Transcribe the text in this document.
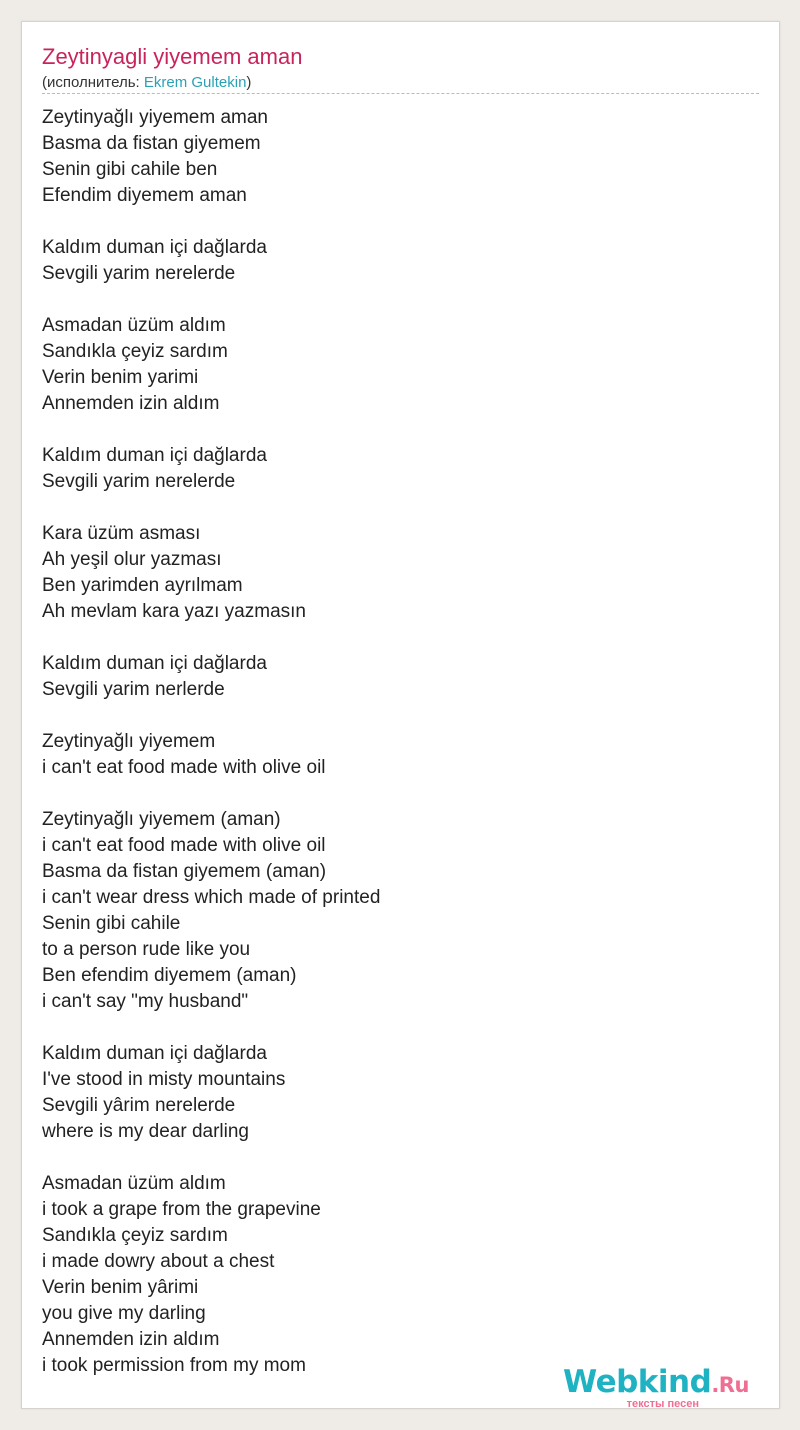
Zeytinyagli yiyemem aman
(исполнитель: Ekrem Gultekin)
Zeytinyağlı yiyemem aman
Basma da fistan giyemem
Senin gibi cahile ben
Efendim diyemem aman
Kaldım duman içi dağlarda
Sevgili yarim nerelerde
Asmadan üzüm aldım
Sandıkla çeyiz sardım
Verin benim yarimi
Annemden izin aldım
Kaldım duman içi dağlarda
Sevgili yarim nerelerde
Kara üzüm asması
Ah yeşil olur yazması
Ben yarimden ayrılmam
Ah mevlam kara yazı yazmasın
Kaldım duman içi dağlarda
Sevgili yarim nerlerde
Zeytinyağlı yiyemem
i can't eat food made with olive oil
Zeytinyağlı yiyemem (aman)
i can't eat food made with olive oil
Basma da fistan giyemem (aman)
i can't wear dress which made of printed
Senin gibi cahile
to a person rude like you
Ben efendim diyemem (aman)
i can't say "my husband"
Kaldım duman içi dağlarda
I've stood in misty mountains
Sevgili yârim nerelerde
where is my dear darling
Asmadan üzüm aldım
i took a grape from the grapevine
Sandıkla çeyiz sardım
i made dowry about a chest
Verin benim yârimi
you give my darling
Annemden izin aldım
i took permission from my mom	Webkind.Ru
тексты песен
